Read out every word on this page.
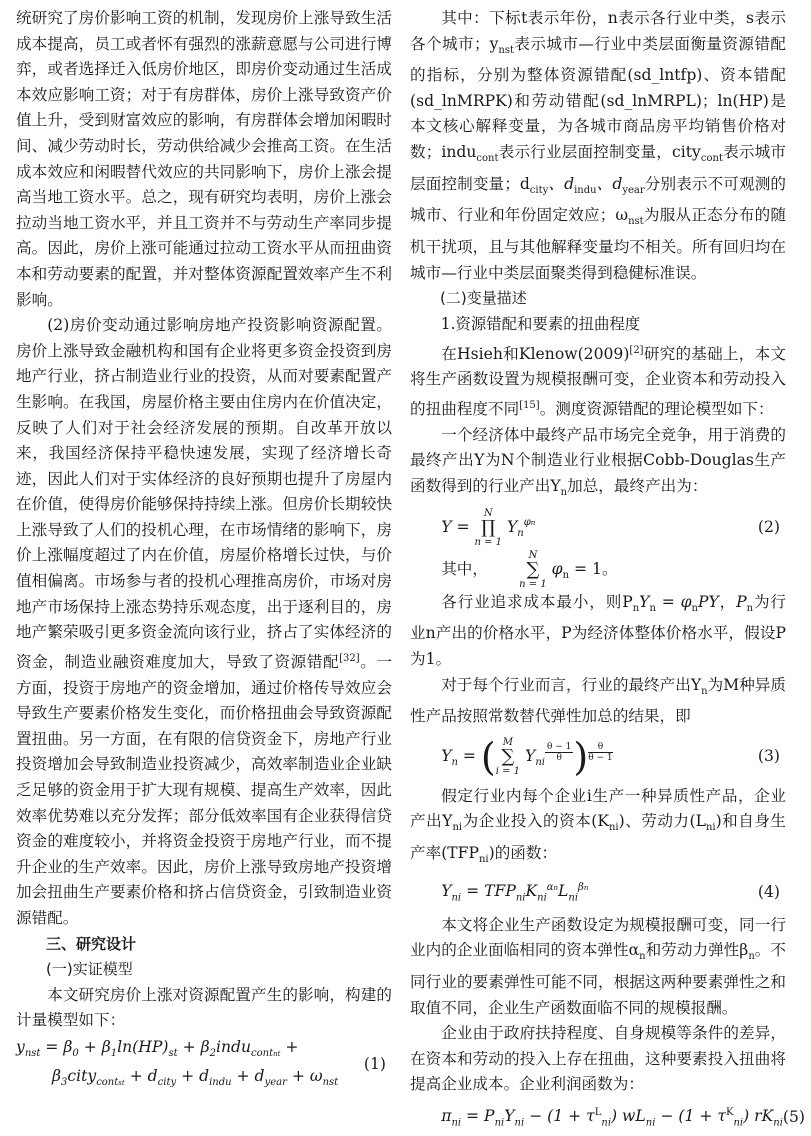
统研究了房价影响工资的机制，发现房价上涨导致生活成本提高，员工或者怀有强烈的涨薪意愿与公司进行博弈，或者选择迁入低房价地区，即房价变动通过生活成本效应影响工资；对于有房群体，房价上涨导致资产价值上升，受到财富效应的影响，有房群体会增加闲暇时间、减少劳动时长，劳动供给减少会推高工资。在生活成本效应和闲暇替代效应的共同影响下，房价上涨会提高当地工资水平。总之，现有研究均表明，房价上涨会拉动当地工资水平，并且工资并不与劳动生产率同步提高。因此，房价上涨可能通过拉动工资水平从而扭曲资本和劳动要素的配置，并对整体资源配置效率产生不利影响。

(2)房价变动通过影响房地产投资影响资源配置。房价上涨导致金融机构和国有企业将更多资金投资到房地产行业，挤占制造业行业的投资，从而对要素配置产生影响。在我国，房屋价格主要由住房内在价值决定，反映了人们对于社会经济发展的预期。自改革开放以来，我国经济保持平稳快速发展，实现了经济增长奇迹，因此人们对于实体经济的良好预期也提升了房屋内在价值，使得房价能够保持持续上涨。但房价长期较快上涨导致了人们的投机心理，在市场情绪的影响下，房价上涨幅度超过了内在价值，房屋价格增长过快，与价值相偏离。市场参与者的投机心理推高房价，市场对房地产市场保持上涨态势持乐观态度，出于逐利目的，房地产繁荣吸引更多资金流向该行业，挤占了实体经济的资金，制造业融资难度加大，导致了资源错配[32]。一方面，投资于房地产的资金增加，通过价格传导效应会导致生产要素价格发生变化，而价格扭曲会导致资源配置扭曲。另一方面，在有限的信贷资金下，房地产行业投资增加会导致制造业投资减少，高效率制造业企业缺乏足够的资金用于扩大现有规模、提高生产效率，因此效率优势难以充分发挥；部分低效率国有企业获得信贷资金的难度较小，并将资金投资于房地产行业，而不提升企业的生产效率。因此，房价上涨导致房地产投资增加会扭曲生产要素价格和挤占信贷资金，引致制造业资源错配。

三、研究设计

(一)实证模型

本文研究房价上涨对资源配置产生的影响，构建的计量模型如下：

$y_{nst} = \beta_0 + \beta_1\ln(HP)_{st}$ + $\beta_2indu_{contnt}$ +
$\beta_3city_{contst} + d_{city} + d_{indu} + d_{year} + \omega_{nst}$
(1)

其中：下标t表示年份，n表示各行业中类，s表示各个城市；$y_{nst}$表示城市—行业中类层面衡量资源错配的指标，分别为整体资源错配(sd_lntfp)、资本错配(sd_lnMRPK)和劳动错配(sd_lnMRPL)；ln(HP)是本文核心解释变量，为各城市商品房平均销售价格对数；indu$_{cont}$表示行业层面控制变量，city$_{cont}$表示城市层面控制变量；$d_{city}$、$d_{indu}$、$d_{year}$分别表示不可观测的城市、行业和年份固定效应；$\omega_{nst}$为服从正态分布的随机干扰项，且与其他解释变量均不相关。所有回归均在城市—行业中类层面聚类得到稳健标准误。

(二)变量描述

1.资源错配和要素的扭曲程度

在Hsieh和Klenow(2009)[2]研究的基础上，本文将生产函数设置为规模报酬可变，企业资本和劳动投入的扭曲程度不同[15]。测度资源错配的理论模型如下：

一个经济体中最终产品市场完全竞争，用于消费的最终产出Y为N个制造业行业根据Cobb-Douglas生产函数得到的行业产出$Y_n$加总，最终产出为：

Y =
N
∏
n = 1
$Y_n^{\varphi n}$	(2)

其中，
N
∑
n = 1
$\varphi_n = 1$。

各行业追求成本最小，则$P_nY_n = \varphi_nPY$，$P_n$为行业n产出的价格水平，P为经济体整体价格水平，假设P为1。

对于每个行业而言，行业的最终产出$Y_n$为M种异质性产品按照常数替代弹性加总的结果，即

$Y_n$ = ( M
∑
i = 1
$Y_{ni}$ $^{\frac{\theta - 1}{\theta}}$ ) $^{\frac{\theta}{\theta - 1}}$	(3)

假定行业内每个企业i生产一种异质性产品，企业产出$Y_{ni}$为企业投入的资本$(K_{ni})$、劳动力$(L_{ni})$和自身生产率$(TFP_{ni})$的函数：

$Y_{ni} = TFP_{ni}K_{ni}^{\alpha n}L_{ni}^{\beta n}$	(4)

本文将企业生产函数设定为规模报酬可变，同一行业内的企业面临相同的资本弹性$\alpha_n$和劳动力弹性$\beta_n$。不同行业的要素弹性可能不同，根据这两种要素弹性之和取值不同，企业生产函数面临不同的规模报酬。

企业由于政府扶持程度、自身规模等条件的差异，在资本和劳动的投入上存在扭曲，这种要素投入扭曲将提高企业成本。企业利润函数为：

$\pi_{ni} = P_{ni}Y_{ni} - (1 + \tau^L_{ni}) wL_{ni} - (1 + \tau^K_{ni})$ $rK_{ni}$ (5)
